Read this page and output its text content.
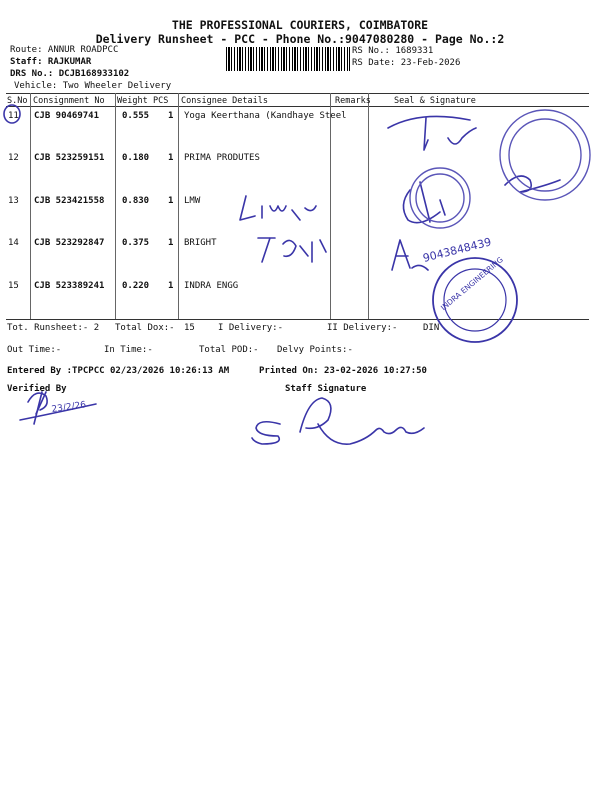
THE PROFESSIONAL COURIERS, COIMBATORE
Delivery Runsheet - PCC - Phone No.:9047080280 - Page No.:2
Route: ANNUR ROADPCC
Staff: RAJKUMAR
DRS No.: DCJB168933102
Vehicle: Two Wheeler Delivery
RS No.: 1689331
RS Date: 23-Feb-2026
S.No Consignment No Weight PCS Consignee Details	Remarks	Seal & Signature
11 CJB 90469741	0.555 1 Yoga Keerthana (Kandhaye Steel
12 CJB 523259151 0.180 1 PRIMA PRODUTES
13 CJB 523421558 0.830 1 LMW
14 CJB 523292847 0.375 1 BRIGHT
15 CJB 523389241 0.220 1 INDRA ENGG
Tot. Runsheet:- 2 Total Dox:- 15	I Delivery:-	II Delivery:-	DIN
Out Time:-	In Time:-	Total POD:- Delvy Points:-
Entered By :TPCPCC 02/23/2026 10:26:13 AM	Printed On: 23-02-2026 10:27:50
Verified By	Staff Signature
9043848439
23/2/26
INDRA ENGINEERING
